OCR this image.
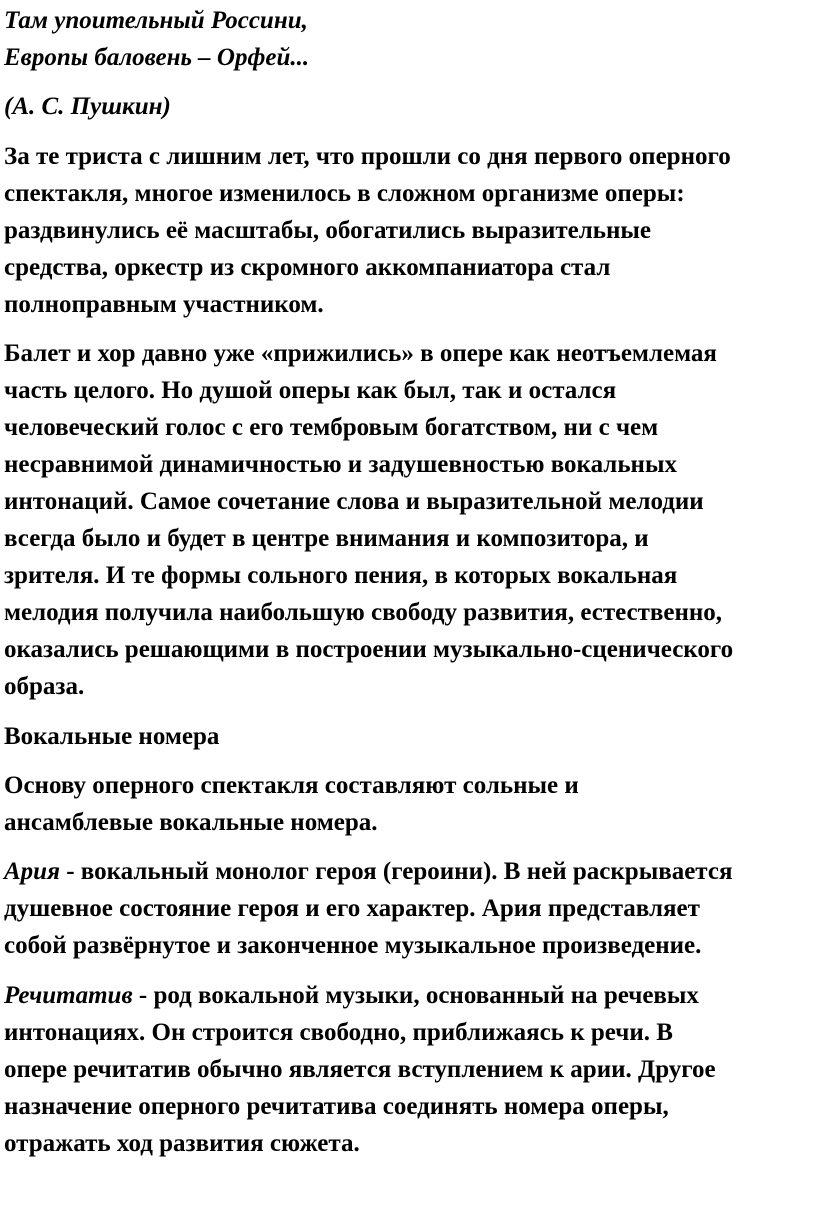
Там упоительный Россини,
Европы баловень – Орфей...

(А. С. Пушкин)

За те триста с лишним лет, что прошли со дня первого оперного
спектакля, многое изменилось в сложном организме оперы:
раздвинулись её масштабы, обогатились выразительные
средства, оркестр из скромного аккомпаниатора стал
полноправным участником.

Балет и хор давно уже «прижились» в опере как неотъемлемая
часть целого. Но душой оперы как был, так и остался
человеческий голос с его тембровым богатством, ни с чем
несравнимой динамичностью и задушевностью вокальных
интонаций. Самое сочетание слова и выразительной мелодии
всегда было и будет в центре внимания и композитора, и
зрителя. И те формы сольного пения, в которых вокальная
мелодия получила наибольшую свободу развития, естественно,
оказались решающими в построении музыкально-сценического
образа.

Вокальные номера

Основу оперного спектакля составляют сольные и
ансамблевые вокальные номера.

Ария - вокальный монолог героя (героини). В ней раскрывается
душевное состояние героя и его характер. Ария представляет
собой развёрнутое и законченное музыкальное произведение.

Речитатив - род вокальной музыки, основанный на речевых
интонациях. Он строится свободно, приближаясь к речи. В
опере речитатив обычно является вступлением к арии. Другое
назначение оперного речитатива соединять номера оперы,
отражать ход развития сюжета.
